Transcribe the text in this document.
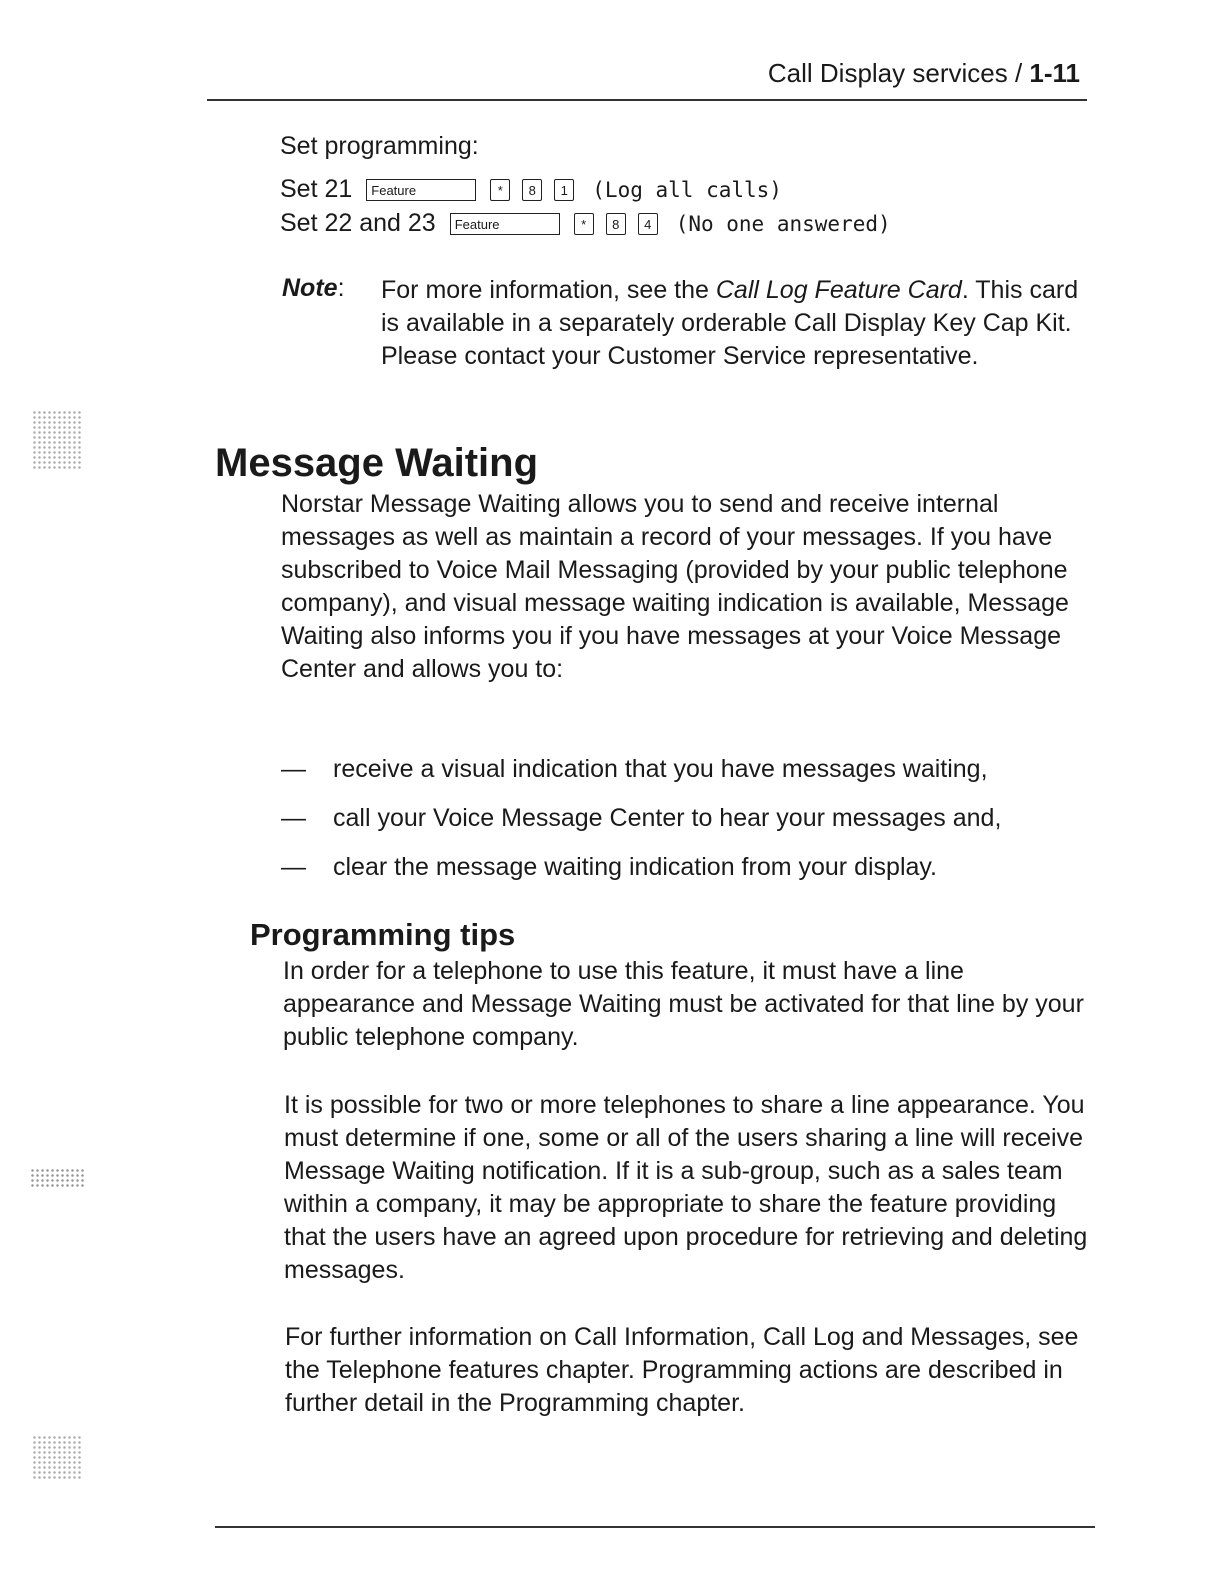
Call Display services / 1-11
Set programming:
Set 21	Feature	*	8	1	(Log all calls)
Set 22 and 23	Feature	*	8	4	(No one answered)
Note: For more information, see the Call Log Feature Card. This card is available in a separately orderable Call Display Key Cap Kit. Please contact your Customer Service representative.
Message Waiting
Norstar Message Waiting allows you to send and receive internal messages as well as maintain a record of your messages. If you have subscribed to Voice Mail Messaging (provided by your public telephone company), and visual message waiting indication is available, Message Waiting also informs you if you have messages at your Voice Message Center and allows you to:
—	receive a visual indication that you have messages waiting,
—	call your Voice Message Center to hear your messages and,
—	clear the message waiting indication from your display.
Programming tips
In order for a telephone to use this feature, it must have a line appearance and Message Waiting must be activated for that line by your public telephone company.
It is possible for two or more telephones to share a line appearance. You must determine if one, some or all of the users sharing a line will receive Message Waiting notification. If it is a sub-group, such as a sales team within a company, it may be appropriate to share the feature providing that the users have an agreed upon procedure for retrieving and deleting messages.
For further information on Call Information, Call Log and Messages, see the Telephone features chapter. Programming actions are described in further detail in the Programming chapter.
